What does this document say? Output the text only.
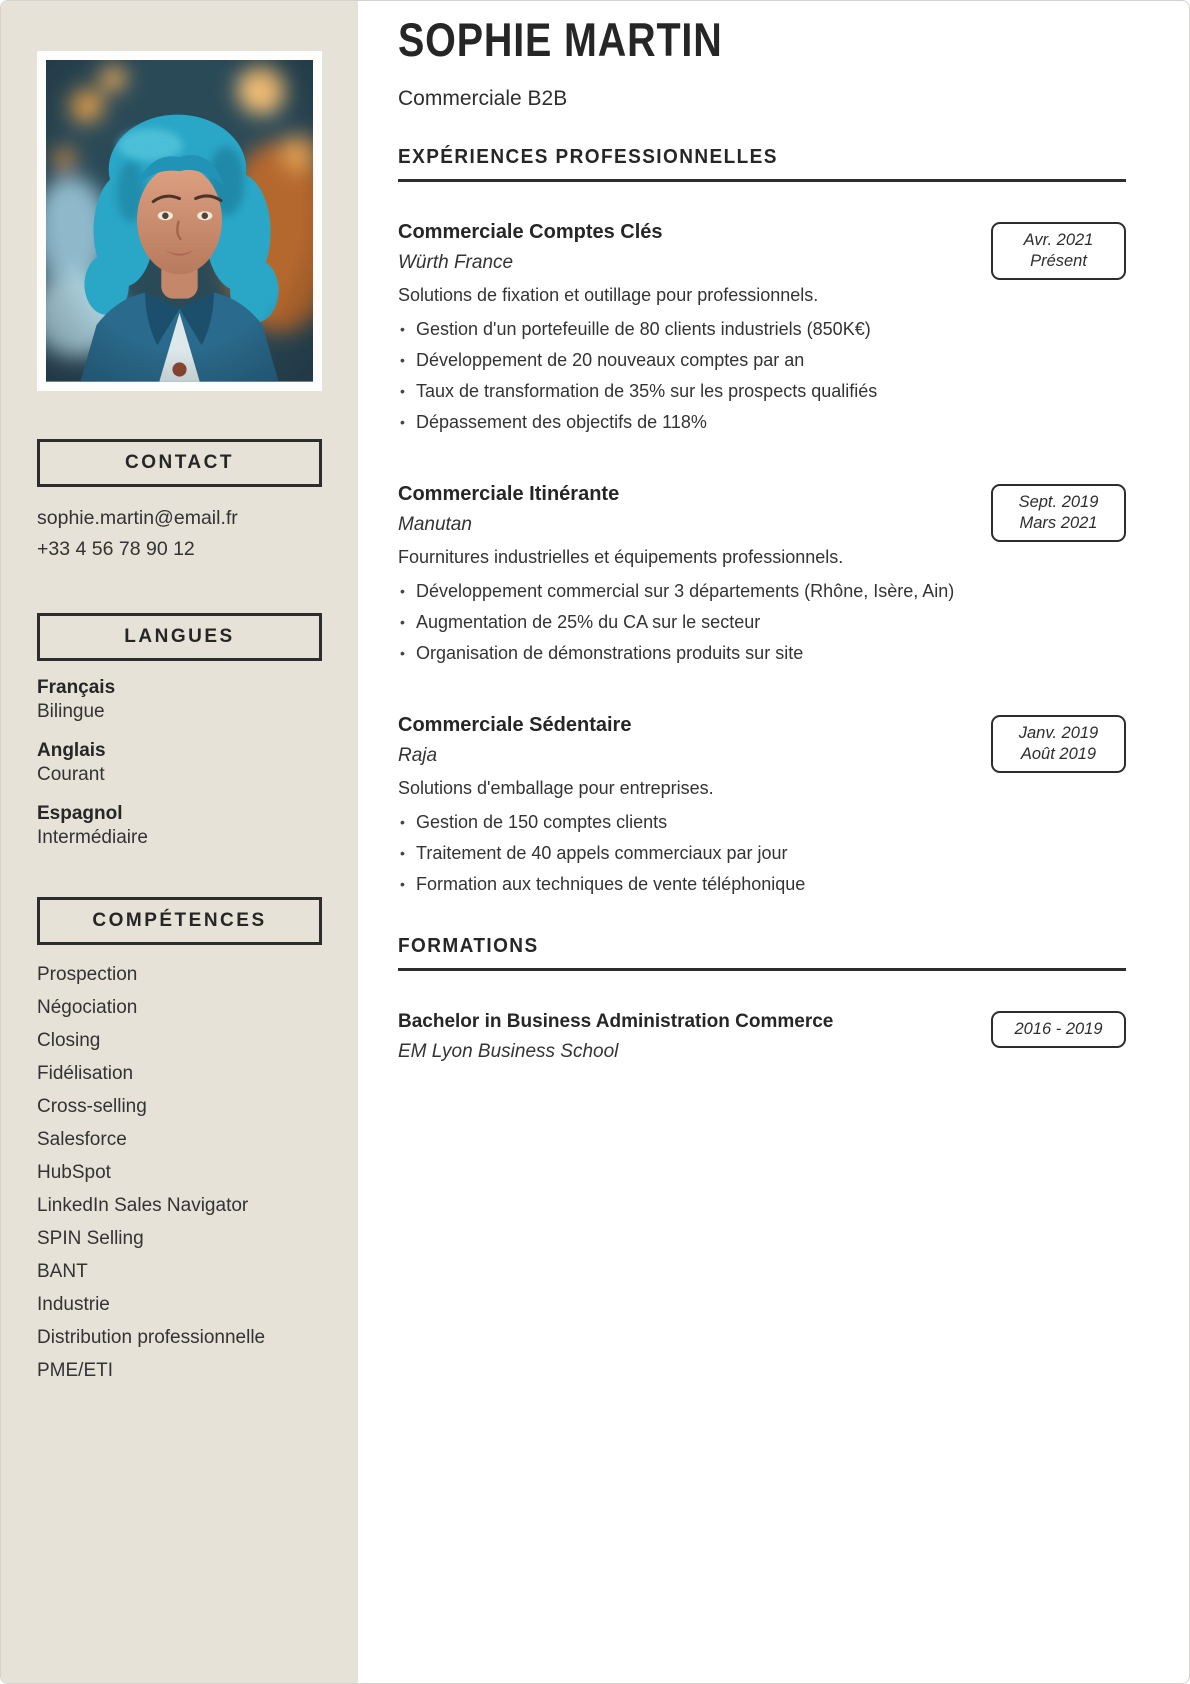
CONTACT
sophie.martin@email.fr
+33 4 56 78 90 12
LANGUES
Français
Bilingue
Anglais
Courant
Espagnol
Intermédiaire
COMPÉTENCES
Prospection
Négociation
Closing
Fidélisation
Cross-selling
Salesforce
HubSpot
LinkedIn Sales Navigator
SPIN Selling
BANT
Industrie
Distribution professionnelle
PME/ETI
SOPHIE MARTIN
Commerciale B2B
EXPÉRIENCES PROFESSIONNELLES
Commerciale Comptes Clés
Würth France
Solutions de fixation et outillage pour professionnels.
• Gestion d'un portefeuille de 80 clients industriels (850K€)
• Développement de 20 nouveaux comptes par an
• Taux de transformation de 35% sur les prospects qualifiés
• Dépassement des objectifs de 118%
Avr. 2021
Présent
Commerciale Itinérante
Manutan
Fournitures industrielles et équipements professionnels.
• Développement commercial sur 3 départements (Rhône, Isère, Ain)
• Augmentation de 25% du CA sur le secteur
• Organisation de démonstrations produits sur site
Sept. 2019
Mars 2021
Commerciale Sédentaire
Raja
Solutions d'emballage pour entreprises.
• Gestion de 150 comptes clients
• Traitement de 40 appels commerciaux par jour
• Formation aux techniques de vente téléphonique
Janv. 2019
Août 2019
FORMATIONS
Bachelor in Business Administration Commerce
EM Lyon Business School
2016 - 2019
